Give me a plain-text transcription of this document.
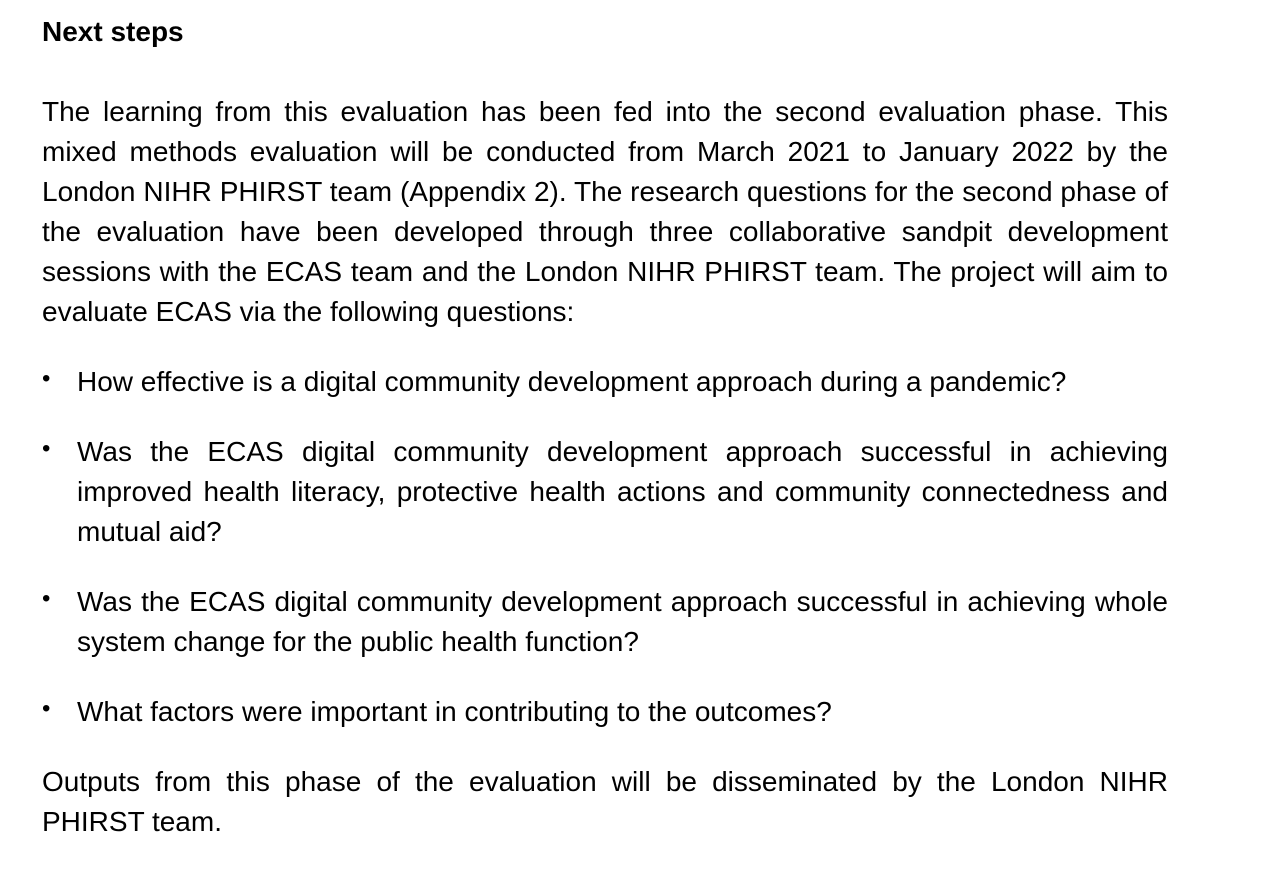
Next steps

The learning from this evaluation has been fed into the second evaluation phase. This mixed methods evaluation will be conducted from March 2021 to January 2022 by the London NIHR PHIRST team (Appendix 2). The research questions for the second phase of the evaluation have been developed through three collaborative sandpit development sessions with the ECAS team and the London NIHR PHIRST team. The project will aim to evaluate ECAS via the following questions:

• How effective is a digital community development approach during a pandemic?
• Was the ECAS digital community development approach successful in achieving improved health literacy, protective health actions and community connectedness and mutual aid?
• Was the ECAS digital community development approach successful in achieving whole system change for the public health function?
• What factors were important in contributing to the outcomes?

Outputs from this phase of the evaluation will be disseminated by the London NIHR PHIRST team.
